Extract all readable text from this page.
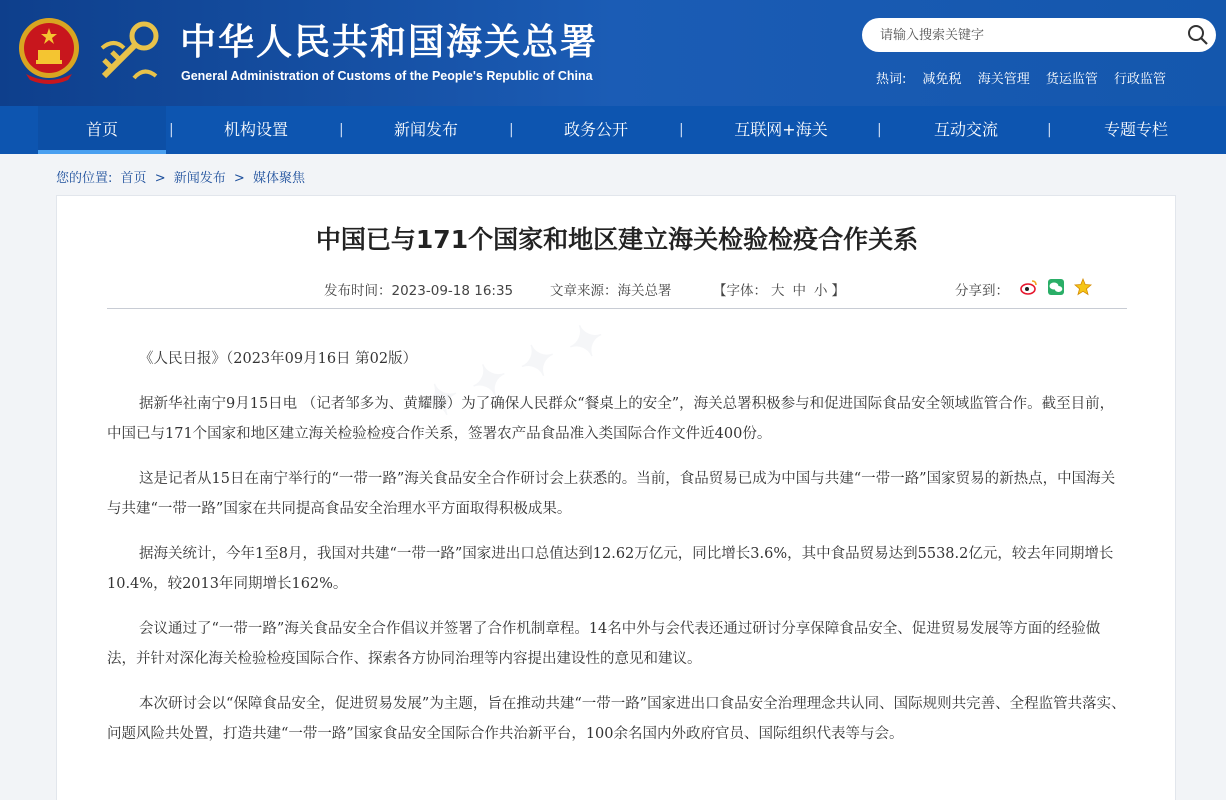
中华人民共和国海关总署
General Administration of Customs of the People's Republic of China
请输入搜索关键字	热词: 减免税 海关管理 货运监管 行政监管
首页	|	机构设置	|	新闻发布	|	政务公开	|	互联网+海关	|	互动交流	|	专题专栏
您的位置: 首页 > 新闻发布 > 媒体聚焦
✦ ✦ ✦ ✦
中国已与171个国家和地区建立海关检验检疫合作关系
发布时间：2023-09-18 16:35	文章来源：海关总署	【字体： 大 中 小 】	分享到：

《人民日报》（2023年09月16日 第02版）

据新华社南宁9月15日电 （记者邹多为、黄耀滕）为了确保人民群众“餐桌上的安全”，海关总署积极参与和促进国际食品安全领域监管合作。截至目前，中国已与171个国家和地区建立海关检验检疫合作关系，签署农产品食品准入类国际合作文件近400份。

这是记者从15日在南宁举行的“一带一路”海关食品安全合作研讨会上获悉的。当前，食品贸易已成为中国与共建“一带一路”国家贸易的新热点，中国海关与共建“一带一路”国家在共同提高食品安全治理水平方面取得积极成果。

据海关统计，今年1至8月，我国对共建“一带一路”国家进出口总值达到12.62万亿元，同比增长3.6%，其中食品贸易达到5538.2亿元，较去年同期增长10.4%，较2013年同期增长162%。

会议通过了“一带一路”海关食品安全合作倡议并签署了合作机制章程。14名中外与会代表还通过研讨分享保障食品安全、促进贸易发展等方面的经验做法，并针对深化海关检验检疫国际合作、探索各方协同治理等内容提出建设性的意见和建议。

本次研讨会以“保障食品安全，促进贸易发展”为主题，旨在推动共建“一带一路”国家进出口食品安全治理理念共认同、国际规则共完善、全程监管共落实、问题风险共处置，打造共建“一带一路”国家食品安全国际合作共治新平台，100余名国内外政府官员、国际组织代表等与会。
